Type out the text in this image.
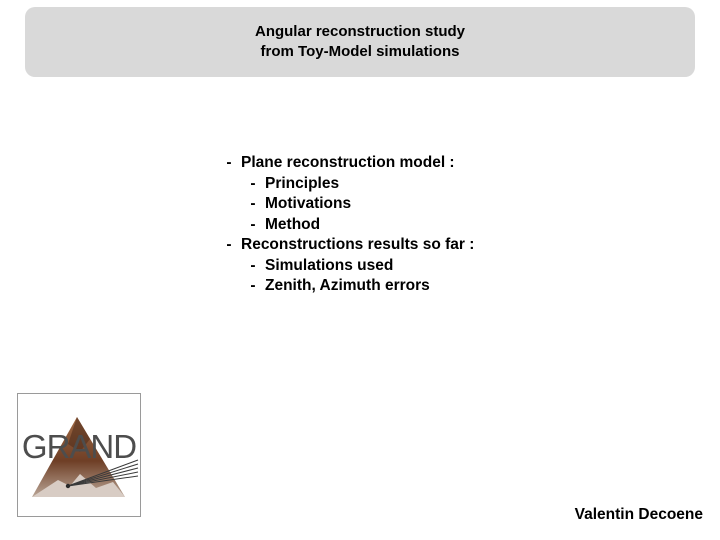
Angular reconstruction study
from Toy-Model simulations
- Plane reconstruction model :
- Principles
- Motivations
- Method
- Reconstructions results so far :
- Simulations used
- Zenith, Azimuth errors
GRAND
Valentin Decoene
